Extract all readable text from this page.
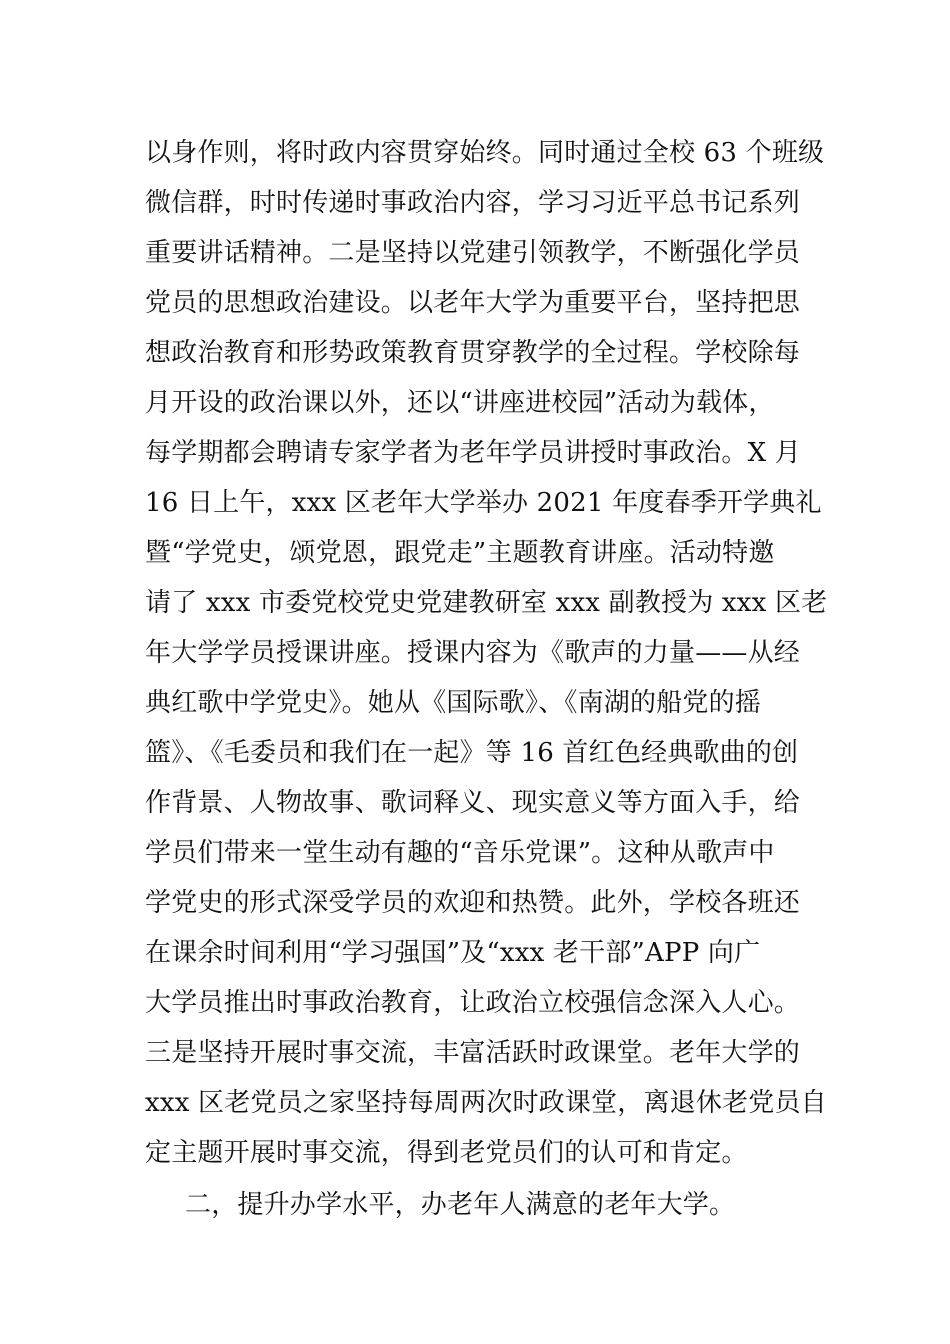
以身作则，将时政内容贯穿始终。同时通过全校 63 个班级
微信群，时时传递时事政治内容，学习习近平总书记系列
重要讲话精神。二是坚持以党建引领教学，不断强化学员
党员的思想政治建设。以老年大学为重要平台，坚持把思
想政治教育和形势政策教育贯穿教学的全过程。学校除每
月开设的政治课以外，还以“讲座进校园”活动为载体，
每学期都会聘请专家学者为老年学员讲授时事政治。X 月
16 日上午，xxx 区老年大学举办 2021 年度春季开学典礼
暨“学党史，颂党恩，跟党走”主题教育讲座。活动特邀
请了 xxx 市委党校党史党建教研室 xxx 副教授为 xxx 区老
年大学学员授课讲座。授课内容为《歌声的力量——从经
典红歌中学党史》。她从《国际歌》、《南湖的船党的摇
篮》、《毛委员和我们在一起》等 16 首红色经典歌曲的创
作背景、人物故事、歌词释义、现实意义等方面入手，给
学员们带来一堂生动有趣的“音乐党课”。这种从歌声中
学党史的形式深受学员的欢迎和热赞。此外，学校各班还
在课余时间利用“学习强国”及“xxx 老干部”APP 向广
大学员推出时事政治教育，让政治立校强信念深入人心。
三是坚持开展时事交流，丰富活跃时政课堂。老年大学的
xxx 区老党员之家坚持每周两次时政课堂，离退休老党员自
定主题开展时事交流，得到老党员们的认可和肯定。
二，提升办学水平，办老年人满意的老年大学。
